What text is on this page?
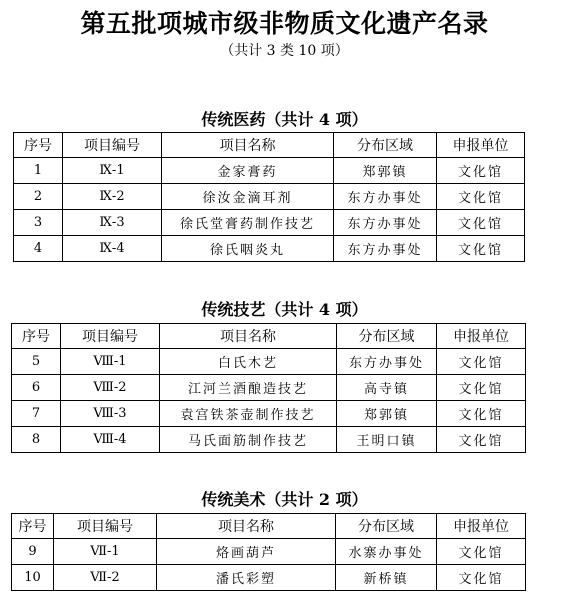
第五批项城市级非物质文化遗产名录
（共计 3 类 10 项）
传统医药（共计 4 项）
序号	项目编号	项目名称	分布区域	申报单位
1	Ⅸ-1	金家膏药	郑郭镇	文化馆
2	Ⅸ-2	徐汝金滴耳剂	东方办事处	文化馆
3	Ⅸ-3	徐氏堂膏药制作技艺	东方办事处	文化馆
4	Ⅸ-4	徐氏咽炎丸	东方办事处	文化馆
传统技艺（共计 4 项）
序号	项目编号	项目名称	分布区域	申报单位
5	Ⅷ-1	白氏木艺	东方办事处	文化馆
6	Ⅷ-2	江河兰酒酿造技艺	高寺镇	文化馆
7	Ⅷ-3	袁宫铁茶壶制作技艺	郑郭镇	文化馆
8	Ⅷ-4	马氏面筋制作技艺	王明口镇	文化馆
传统美术（共计 2 项）
序号	项目编号	项目名称	分布区域	申报单位
9	Ⅶ-1	烙画葫芦	水寨办事处	文化馆
10	Ⅶ-2	潘氏彩塑	新桥镇	文化馆
